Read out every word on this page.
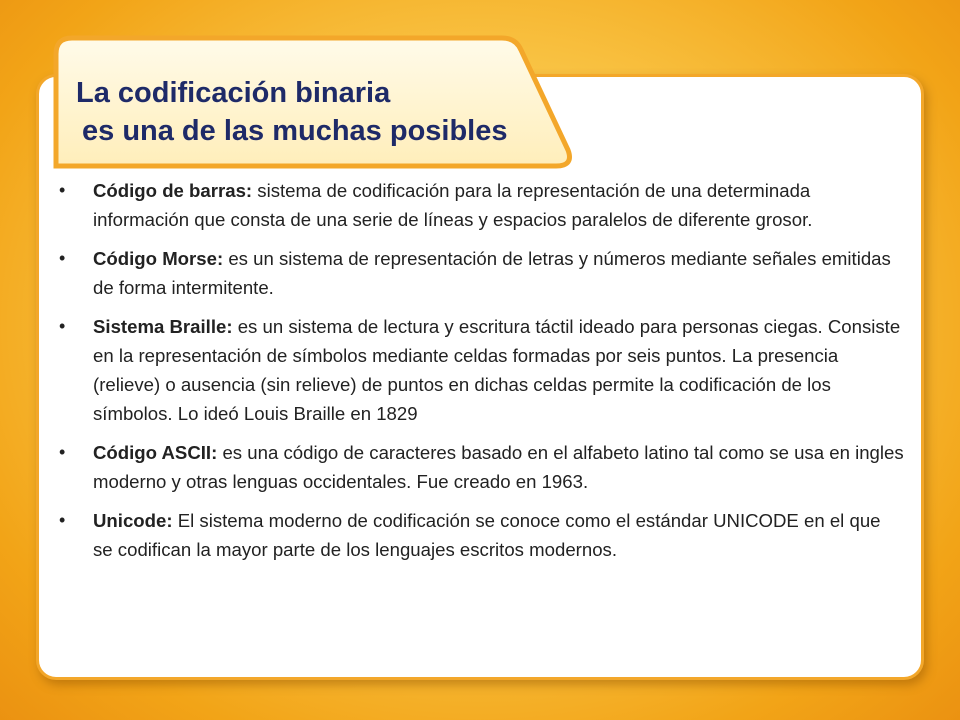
La codificación binaria
es una de las muchas posibles
• Código de barras: sistema de codificación para la representación de una determinada información que consta de una serie de líneas y espacios paralelos de diferente grosor.
• Código Morse: es un sistema de representación de letras y números mediante señales emitidas de forma intermitente.
• Sistema Braille: es un sistema de lectura y escritura táctil ideado para personas ciegas. Consiste en la representación de símbolos mediante celdas formadas por seis puntos. La presencia (relieve) o ausencia (sin relieve) de puntos en dichas celdas permite la codificación de los símbolos. Lo ideó Louis Braille en 1829
• Código ASCII: es una código de caracteres basado en el alfabeto latino tal como se usa en ingles moderno y otras lenguas occidentales. Fue creado en 1963.
• Unicode: El sistema moderno de codificación se conoce como el estándar UNICODE en el que se codifican la mayor parte de los lenguajes escritos modernos.
